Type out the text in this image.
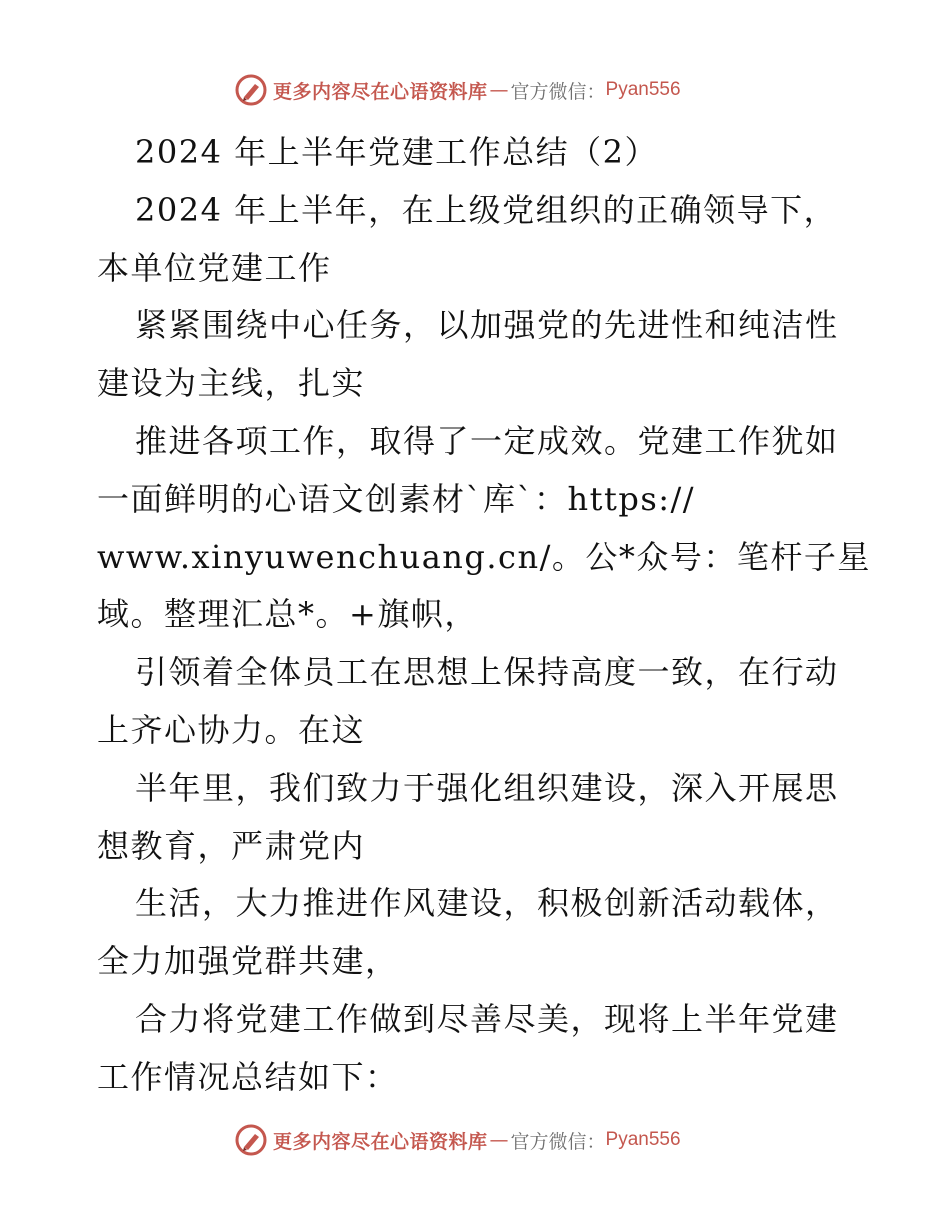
更多内容尽在心语资料库 — 官方微信： Pyan556
2024 年上半年党建工作总结（2）
2024 年上半年，在上级党组织的正确领导下，
本单位党建工作
紧紧围绕中心任务，以加强党的先进性和纯洁性
建设为主线，扎实
推进各项工作，取得了一定成效。党建工作犹如
一面鲜明的心语文创素材`库`：https://
www.xinyuwenchuang.cn/。公*众号：笔杆子星
域。整理汇总*。+旗帜，
引领着全体员工在思想上保持高度一致，在行动
上齐心协力。在这
半年里，我们致力于强化组织建设，深入开展思
想教育，严肃党内
生活，大力推进作风建设，积极创新活动载体，
全力加强党群共建，
合力将党建工作做到尽善尽美，现将上半年党建
工作情况总结如下：
更多内容尽在心语资料库 — 官方微信： Pyan556
